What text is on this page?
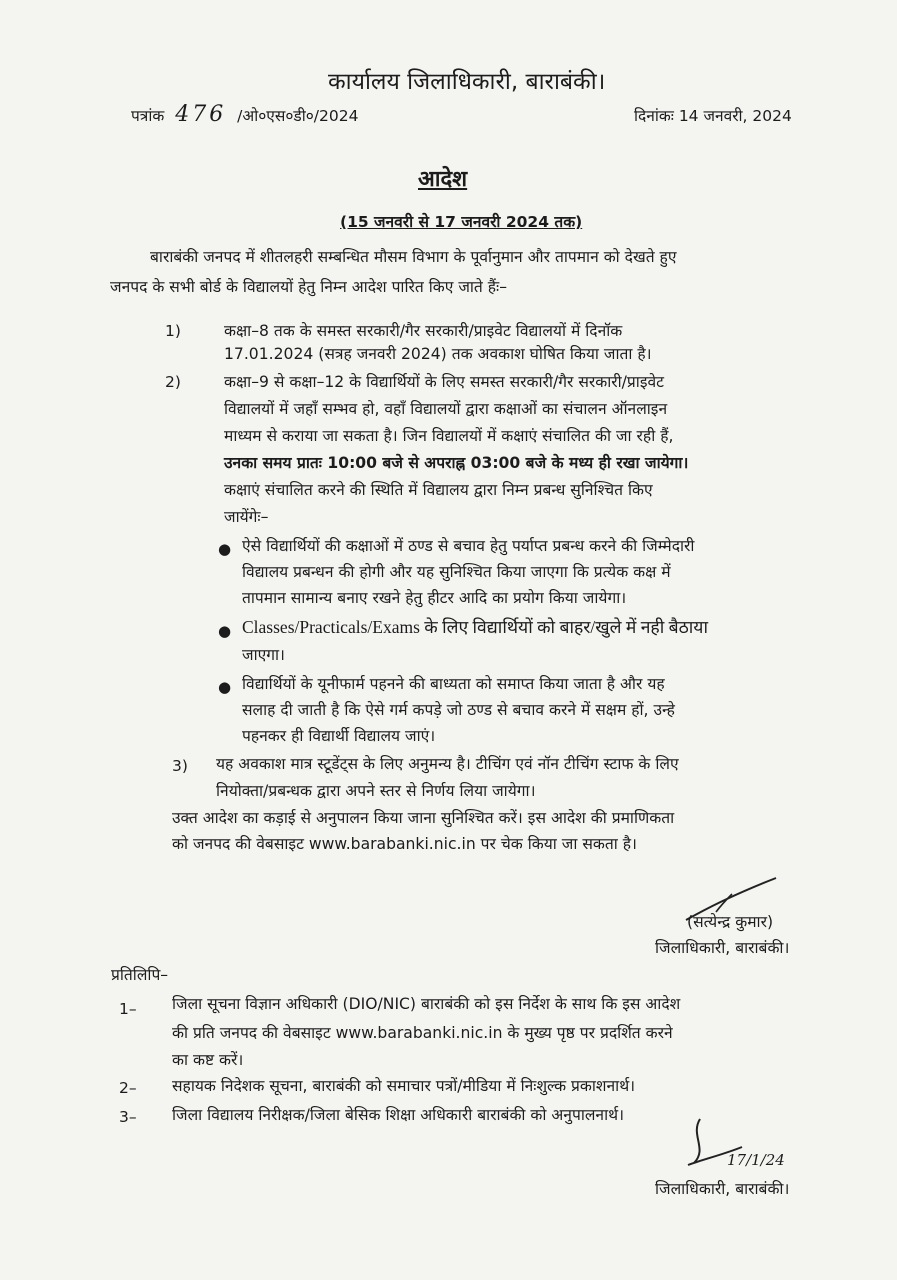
कार्यालय जिलाधिकारी, बाराबंकी।
पत्रांक 476 /ओ०एस०डी०/2024	दिनांकः 14 जनवरी, 2024
आदेश
(15 जनवरी से 17 जनवरी 2024 तक)
बाराबंकी जनपद में शीतलहरी सम्बन्धित मौसम विभाग के पूर्वानुमान और तापमान को देखते हुए
जनपद के सभी बोर्ड के विद्यालयों हेतु निम्न आदेश पारित किए जाते हैंः–
1)	कक्षा–8 तक के समस्त सरकारी/गैर सरकारी/प्राइवेट विद्यालयों में दिनॉक
17.01.2024 (सत्रह जनवरी 2024) तक अवकाश घोषित किया जाता है।
2)	कक्षा–9 से कक्षा–12 के विद्यार्थियों के लिए समस्त सरकारी/गैर सरकारी/प्राइवेट
विद्यालयों में जहाँ सम्भव हो, वहाँ विद्यालयों द्वारा कक्षाओं का संचालन ऑनलाइन
माध्यम से कराया जा सकता है। जिन विद्यालयों में कक्षाएं संचालित की जा रही हैं,
उनका समय प्रातः 10:00 बजे से अपराह्न 03:00 बजे के मध्य ही रखा जायेगा।
कक्षाएं संचालित करने की स्थिति में विद्यालय द्वारा निम्न प्रबन्ध सुनिश्चित किए
जायेंगेः–
● ऐसे विद्यार्थियों की कक्षाओं में ठण्ड से बचाव हेतु पर्याप्त प्रबन्ध करने की जिम्मेदारी
विद्यालय प्रबन्धन की होगी और यह सुनिश्चित किया जाएगा कि प्रत्येक कक्ष में
तापमान सामान्य बनाए रखने हेतु हीटर आदि का प्रयोग किया जायेगा।
● Classes/Practicals/Exams के लिए विद्यार्थियों को बाहर/खुले में नही बैठाया
जाएगा।
● विद्यार्थियों के यूनीफार्म पहनने की बाध्यता को समाप्त किया जाता है और यह
सलाह दी जाती है कि ऐसे गर्म कपड़े जो ठण्ड से बचाव करने में सक्षम हों, उन्हे
पहनकर ही विद्यार्थी विद्यालय जाएं।
3) यह अवकाश मात्र स्टूडेंट्स के लिए अनुमन्य है। टीचिंग एवं नॉन टीचिंग स्टाफ के लिए
नियोक्ता/प्रबन्धक द्वारा अपने स्तर से निर्णय लिया जायेगा।
उक्त आदेश का कड़ाई से अनुपालन किया जाना सुनिश्चित करें। इस आदेश की प्रमाणिकता
को जनपद की वेबसाइट www.barabanki.nic.in पर चेक किया जा सकता है।
(सत्येन्द्र कुमार)
जिलाधिकारी, बाराबंकी।
प्रतिलिपि–
1– जिला सूचना विज्ञान अधिकारी (DIO/NIC) बाराबंकी को इस निर्देश के साथ कि इस आदेश
की प्रति जनपद की वेबसाइट www.barabanki.nic.in के मुख्य पृष्ठ पर प्रदर्शित करने
का कष्ट करें।
2– सहायक निदेशक सूचना, बाराबंकी को समाचार पत्रों/मीडिया में निःशुल्क प्रकाशनार्थ।
3– जिला विद्यालय निरीक्षक/जिला बेसिक शिक्षा अधिकारी बाराबंकी को अनुपालनार्थ।
17/1/24
जिलाधिकारी, बाराबंकी।
